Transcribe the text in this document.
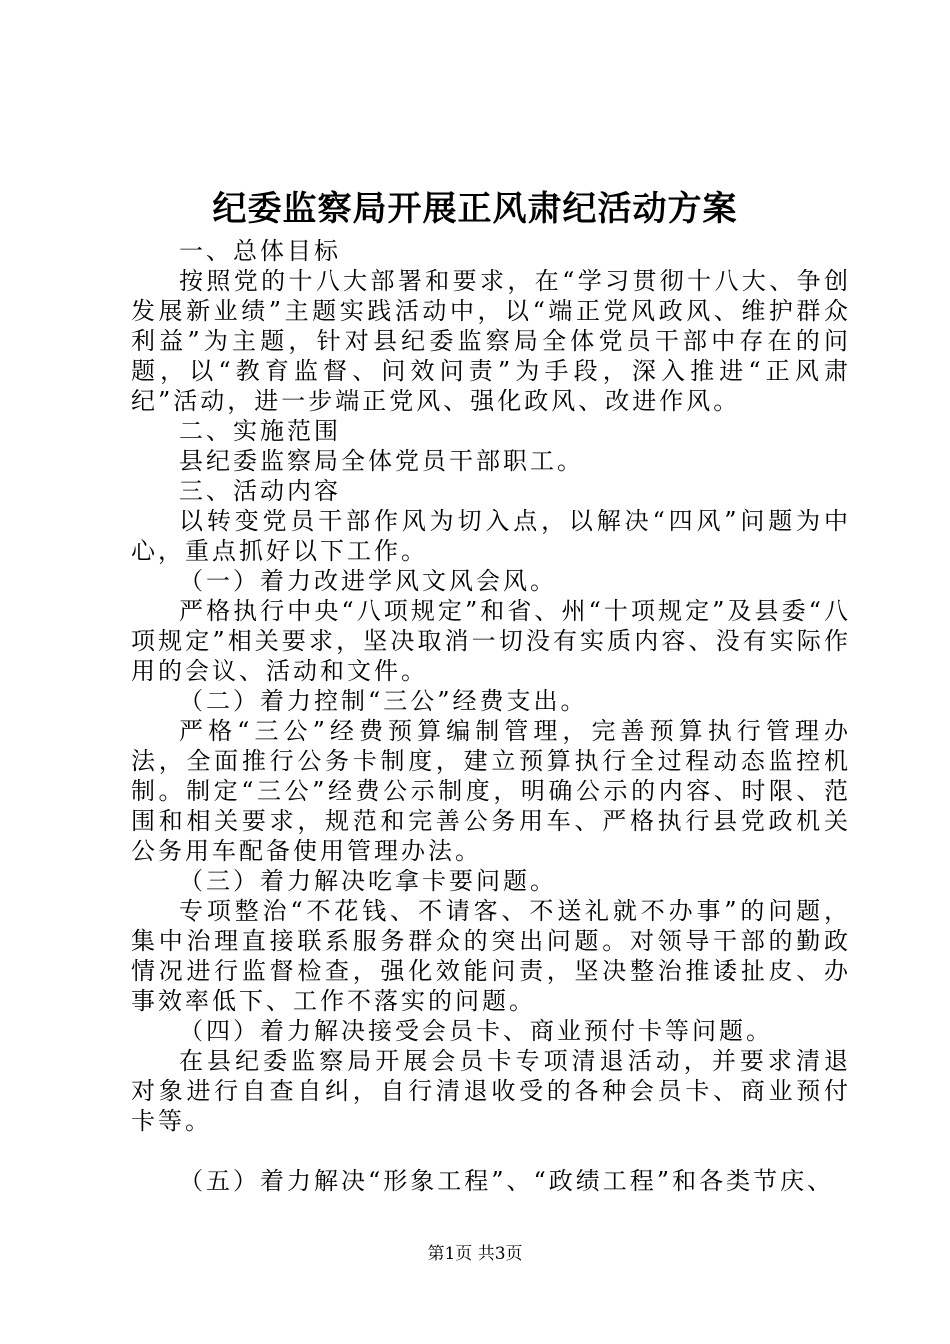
纪委监察局开展正风肃纪活动方案

一、总体目标

按照党的十八大部署和要求，在“学习贯彻十八大、争创发展新业绩”主题实践活动中，以“端正党风政风、维护群众利益”为主题，针对县纪委监察局全体党员干部中存在的问题，以“教育监督、问效问责”为手段，深入推进“正风肃纪”活动，进一步端正党风、强化政风、改进作风。

二、实施范围

县纪委监察局全体党员干部职工。

三、活动内容

以转变党员干部作风为切入点，以解决“四风”问题为中心，重点抓好以下工作。

（一）着力改进学风文风会风。

严格执行中央“八项规定”和省、州“十项规定”及县委“八项规定”相关要求，坚决取消一切没有实质内容、没有实际作用的会议、活动和文件。

（二）着力控制“三公”经费支出。

严格“三公”经费预算编制管理，完善预算执行管理办法，全面推行公务卡制度，建立预算执行全过程动态监控机制。制定“三公”经费公示制度，明确公示的内容、时限、范围和相关要求，规范和完善公务用车、严格执行县党政机关公务用车配备使用管理办法。

（三）着力解决吃拿卡要问题。

专项整治“不花钱、不请客、不送礼就不办事”的问题，集中治理直接联系服务群众的突出问题。对领导干部的勤政情况进行监督检查，强化效能问责，坚决整治推诿扯皮、办事效率低下、工作不落实的问题。

（四）着力解决接受会员卡、商业预付卡等问题。

在县纪委监察局开展会员卡专项清退活动，并要求清退对象进行自查自纠，自行清退收受的各种会员卡、商业预付卡等。

（五）着力解决“形象工程”、“政绩工程”和各类节庆、

第1页 共3页
